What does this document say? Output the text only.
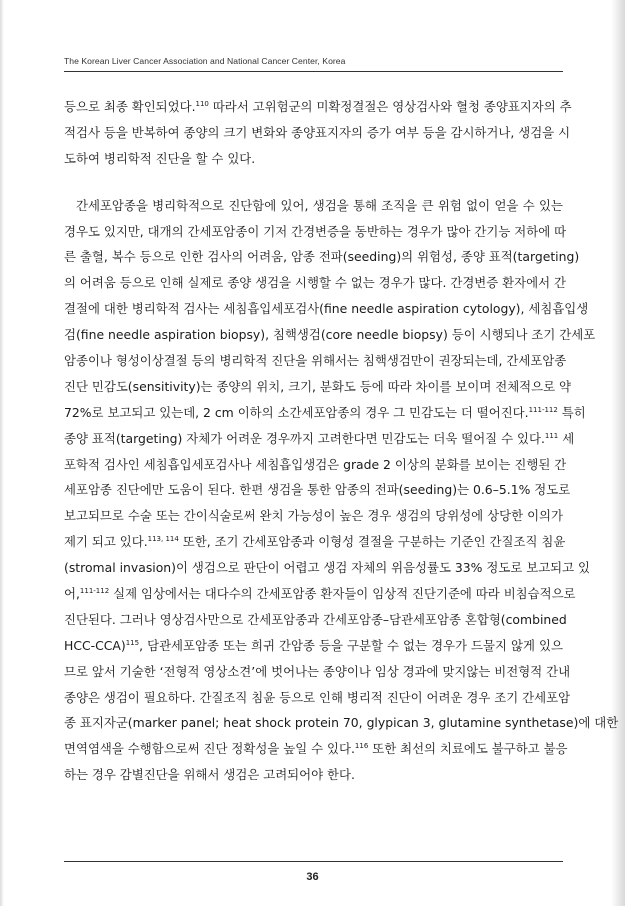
The Korean Liver Cancer Association and National Cancer Center, Korea
등으로 최종 확인되었다.$^{110}$ 따라서 고위험군의 미확정결절은 영상검사와 혈청 종양표지자의 추
적검사 등을 반복하여 종양의 크기 변화와 종양표지자의 증가 여부 등을 감시하거나, 생검을 시
도하여 병리학적 진단을 할 수 있다.
간세포암종을 병리학적으로 진단함에 있어, 생검을 통해 조직을 큰 위험 없이 얻을 수 있는
경우도 있지만, 대개의 간세포암종이 기저 간경변증을 동반하는 경우가 많아 간기능 저하에 따
른 출혈, 복수 등으로 인한 검사의 어려움, 암종 전파(seeding)의 위험성, 종양 표적(targeting)
의 어려움 등으로 인해 실제로 종양 생검을 시행할 수 없는 경우가 많다. 간경변증 환자에서 간
결절에 대한 병리학적 검사는 세침흡입세포검사(fine needle aspiration cytology), 세침흡입생
검(fine needle aspiration biopsy), 침핵생검(core needle biopsy) 등이 시행되나 조기 간세포
암종이나 형성이상결절 등의 병리학적 진단을 위해서는 침핵생검만이 권장되는데, 간세포암종
진단 민감도(sensitivity)는 종양의 위치, 크기, 분화도 등에 따라 차이를 보이며 전체적으로 약
72%로 보고되고 있는데, 2 cm 이하의 소간세포암종의 경우 그 민감도는 더 떨어진다.$^{111-112}$ 특히
종양 표적(targeting) 자체가 어려운 경우까지 고려한다면 민감도는 더욱 떨어질 수 있다.$^{111}$ 세
포학적 검사인 세침흡입세포검사나 세침흡입생검은 grade 2 이상의 분화를 보이는 진행된 간
세포암종 진단에만 도움이 된다. 한편 생검을 통한 암종의 전파(seeding)는 0.6–5.1% 정도로
보고되므로 수술 또는 간이식술로써 완치 가능성이 높은 경우 생검의 당위성에 상당한 이의가
제기 되고 있다.$^{113, 114}$ 또한, 조기 간세포암종과 이형성 결절을 구분하는 기준인 간질조직 침윤
(stromal invasion)이 생검으로 판단이 어렵고 생검 자체의 위음성률도 33% 정도로 보고되고 있
어,$^{111-112}$ 실제 임상에서는 대다수의 간세포암종 환자들이 임상적 진단기준에 따라 비침습적으로
진단된다. 그러나 영상검사만으로 간세포암종과 간세포암종–담관세포암종 혼합형(combined
HCC-CCA)$^{115}$, 담관세포암종 또는 희귀 간암종 등을 구분할 수 없는 경우가 드물지 않게 있으
므로 앞서 기술한 ‘전형적 영상소견’에 벗어나는 종양이나 임상 경과에 맞지않는 비전형적 간내
종양은 생검이 필요하다. 간질조직 침윤 등으로 인해 병리적 진단이 어려운 경우 조기 간세포암
종 표지자군(marker panel; heat shock protein 70, glypican 3, glutamine synthetase)에 대한
면역염색을 수행함으로써 진단 정확성을 높일 수 있다.$^{116}$ 또한 최선의 치료에도 불구하고 불응
하는 경우 감별진단을 위해서 생검은 고려되어야 한다.
36
